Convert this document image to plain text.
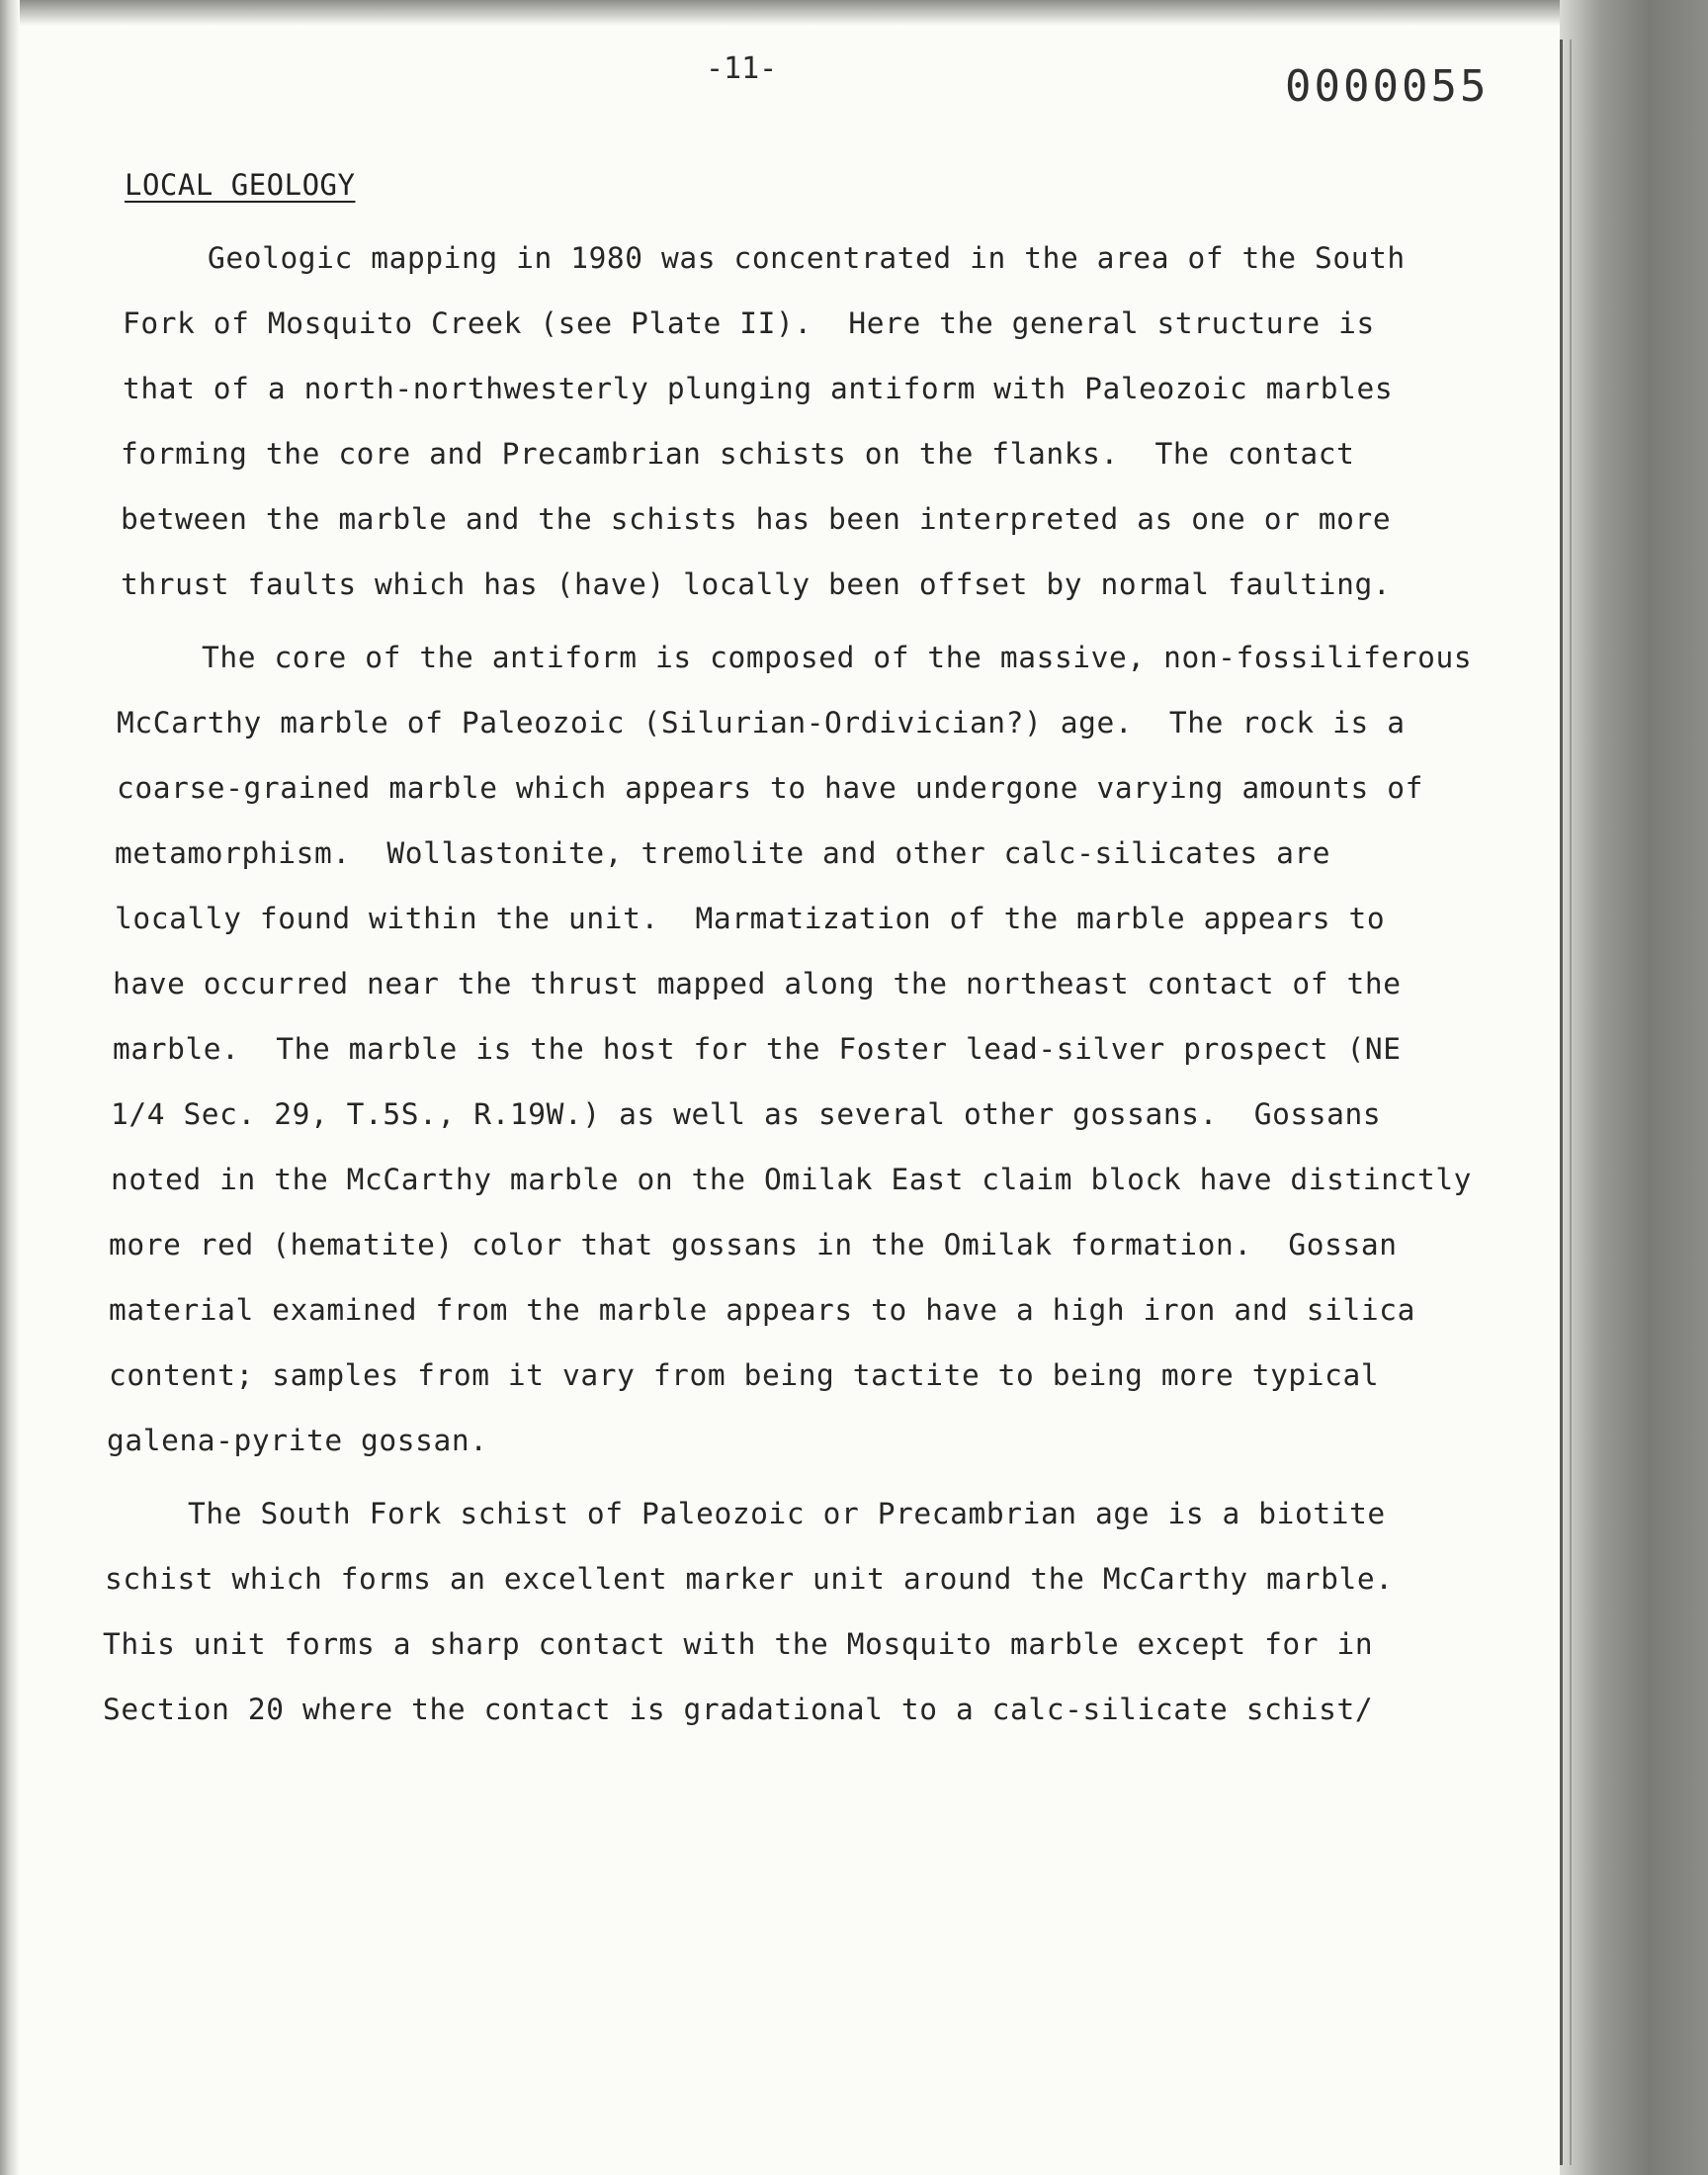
-11-	0000055
LOCAL GEOLOGY
Geologic mapping in 1980 was concentrated in the area of the South
Fork of Mosquito Creek (see Plate II).  Here the general structure is
that of a north-northwesterly plunging antiform with Paleozoic marbles
forming the core and Precambrian schists on the flanks.  The contact
between the marble and the schists has been interpreted as one or more
thrust faults which has (have) locally been offset by normal faulting.
The core of the antiform is composed of the massive, non-fossiliferous
McCarthy marble of Paleozoic (Silurian-Ordivician?) age.  The rock is a
coarse-grained marble which appears to have undergone varying amounts of
metamorphism.  Wollastonite, tremolite and other calc-silicates are
locally found within the unit.  Marmatization of the marble appears to
have occurred near the thrust mapped along the northeast contact of the
marble.  The marble is the host for the Foster lead-silver prospect (NE
1/4 Sec. 29, T.5S., R.19W.) as well as several other gossans.  Gossans
noted in the McCarthy marble on the Omilak East claim block have distinctly
more red (hematite) color that gossans in the Omilak formation.  Gossan
material examined from the marble appears to have a high iron and silica
content; samples from it vary from being tactite to being more typical
galena-pyrite gossan.
The South Fork schist of Paleozoic or Precambrian age is a biotite
schist which forms an excellent marker unit around the McCarthy marble.
This unit forms a sharp contact with the Mosquito marble except for in
Section 20 where the contact is gradational to a calc-silicate schist/
